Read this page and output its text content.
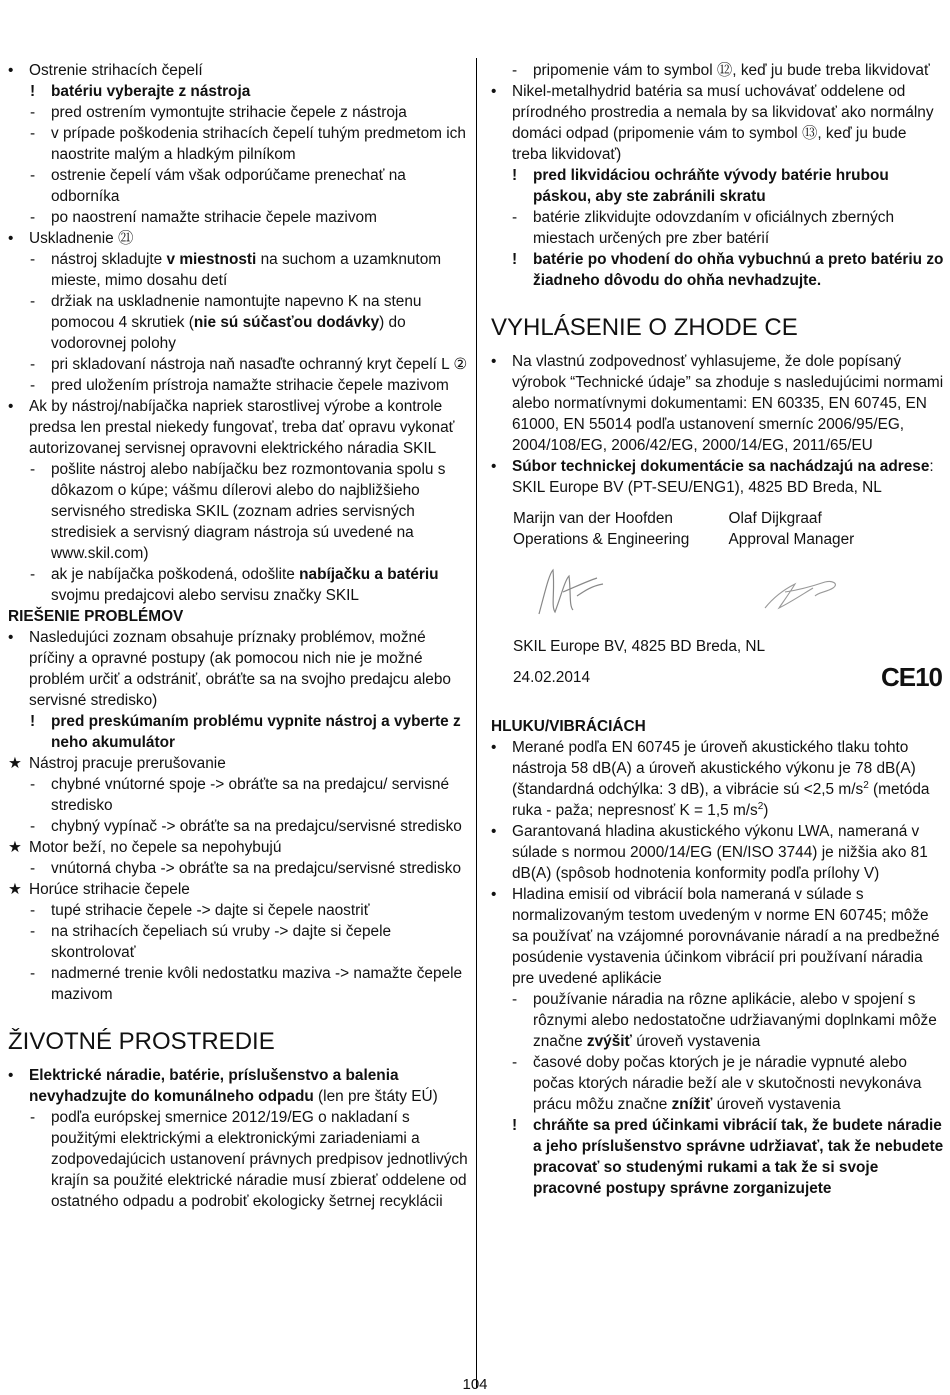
• Ostrenie strihacích čepelí
! batériu vyberajte z nástroja
- pred ostrením vymontujte strihacie čepele z nástroja
- v prípade poškodenia strihacích čepelí tuhým predmetom ich naostrite malým a hladkým pilníkom
- ostrenie čepelí vám však odporúčame prenechať na odborníka
- po naostrení namažte strihacie čepele mazivom
• Uskladnenie ㉑
- nástroj skladujte v miestnosti na suchom a uzamknutom mieste, mimo dosahu detí
- držiak na uskladnenie namontujte napevno K na stenu pomocou 4 skrutiek (nie sú súčasťou dodávky) do vodorovnej polohy
- pri skladovaní nástroja naň nasaďte ochranný kryt čepelí L ②
- pred uložením prístroja namažte strihacie čepele mazivom
• Ak by nástroj/nabíjačka napriek starostlivej výrobe a kontrole predsa len prestal niekedy fungovať, treba dať opravu vykonať autorizovanej servisnej opravovni elektrického náradia SKIL
- pošlite nástroj alebo nabíjačku bez rozmontovania spolu s dôkazom o kúpe; vášmu dílerovi alebo do najbližšieho servisného strediska SKIL (zoznam adries servisných stredisiek a servisný diagram nástroja sú uvedené na www.skil.com)
- ak je nabíjačka poškodená, odošlite nabíjačku a batériu svojmu predajcovi alebo servisu značky SKIL
RIEŠENIE PROBLÉMOV
• Nasledujúci zoznam obsahuje príznaky problémov, možné príčiny a opravné postupy (ak pomocou nich nie je možné problém určiť a odstrániť, obráťte sa na svojho predajcu alebo servisné stredisko)
! pred preskúmaním problému vypnite nástroj a vyberte z neho akumulátor
★ Nástroj pracuje prerušovanie
- chybné vnútorné spoje -> obráťte sa na predajcu/ servisné stredisko
- chybný vypínač -> obráťte sa na predajcu/servisné stredisko
★ Motor beží, no čepele sa nepohybujú
- vnútorná chyba -> obráťte sa na predajcu/servisné stredisko
★ Horúce strihacie čepele
- tupé strihacie čepele -> dajte si čepele naostriť
- na strihacích čepeliach sú vruby -> dajte si čepele skontrolovať
- nadmerné trenie kvôli nedostatku maziva -> namažte čepele mazivom
ŽIVOTNÉ PROSTREDIE
• Elektrické náradie, batérie, príslušenstvo a balenia nevyhadzujte do komunálneho odpadu (len pre štáty EÚ)
- podľa európskej smernice 2012/19/EG o nakladaní s použitými elektrickými a elektronickými zariadeniami a zodpovedajúcich ustanovení právnych predpisov jednotlivých krajín sa použité elektrické náradie musí zbierať oddelene od ostatného odpadu a podrobiť ekologicky šetrnej recyklácii
- pripomenie vám to symbol ⑫, keď ju bude treba likvidovať
• Nikel-metalhydrid batéria sa musí uchovávať oddelene od prírodného prostredia a nemala by sa likvidovať ako normálny domáci odpad (pripomenie vám to symbol ⑬, keď ju bude treba likvidovať)
! pred likvidáciou ochráňte vývody batérie hrubou páskou, aby ste zabránili skratu
- batérie zlikvidujte odovzdaním v oficiálnych zberných miestach určených pre zber batérií
! batérie po vhodení do ohňa vybuchnú a preto batériu zo žiadneho dôvodu do ohňa nevhadzujte.
VYHLÁSENIE O ZHODE CE
• Na vlastnú zodpovednosť vyhlasujeme, že dole popísaný výrobok “Technické údaje” sa zhoduje s nasledujúcimi normami alebo normatívnymi dokumentami: EN 60335, EN 60745, EN 61000, EN 55014 podľa ustanovení smerníc 2006/95/EG, 2004/108/EG, 2006/42/EG, 2000/14/EG, 2011/65/EU
• Súbor technickej dokumentácie sa nachádzajú na adrese: SKIL Europe BV (PT-SEU/ENG1), 4825 BD Breda, NL
Marijn van der Hoofden
Operations & Engineering
Olaf Dijkgraaf
Approval Manager
SKIL Europe BV, 4825 BD Breda, NL
24.02.2014	CE10
HLUKU/VIBRÁCIÁCH
• Merané podľa EN 60745 je úroveň akustického tlaku tohto nástroja 58 dB(A) a úroveň akustického výkonu je 78 dB(A) (štandardná odchýlka: 3 dB), a vibrácie sú <2,5 $m/s^2$ (metóda ruka - paža; nepresnosť K = 1,5 $m/s^2$)
• Garantovaná hladina akustického výkonu LWA, nameraná v súlade s normou 2000/14/EG (EN/ISO 3744) je nižšia ako 81 dB(A) (spôsob hodnotenia konformity podľa prílohy V)
• Hladina emisií od vibrácií bola nameraná v súlade s normalizovaným testom uvedeným v norme EN 60745; môže sa používať na vzájomné porovnávanie náradí a na predbežné posúdenie vystavenia účinkom vibrácií pri používaní náradia pre uvedené aplikácie
- používanie náradia na rôzne aplikácie, alebo v spojení s rôznymi alebo nedostatočne udržiavanými doplnkami môže značne zvýšiť úroveň vystavenia
- časové doby počas ktorých je je náradie vypnuté alebo počas ktorých náradie beží ale v skutočnosti nevykonáva prácu môžu značne znížiť úroveň vystavenia
! chráňte sa pred účinkami vibrácií tak, že budete náradie a jeho príslušenstvo správne udržiavať, tak že nebudete pracovať so studenými rukami a tak že si svoje pracovné postupy správne zorganizujete
104
